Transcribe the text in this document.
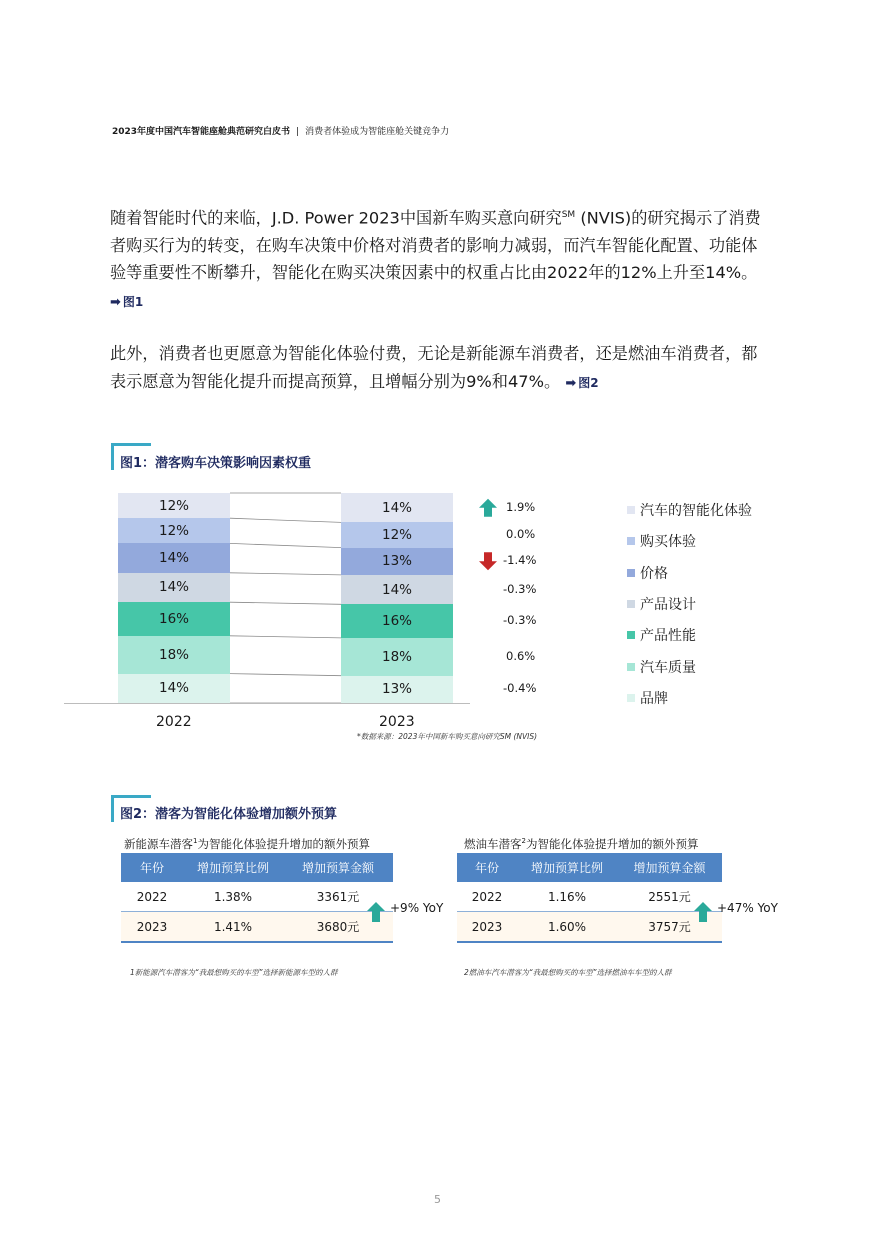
2023年度中国汽车智能座舱典范研究白皮书 | 消费者体验成为智能座舱关键竞争力
随着智能时代的来临，J.D. Power 2023中国新车购买意向研究℠ (NVIS)的研究揭示了消费者购买行为的转变，在购车决策中价格对消费者的影响力减弱，而汽车智能化配置、功能体验等重要性不断攀升，智能化在购买决策因素中的权重占比由2022年的12%上升至14%。 ➡ 图1
此外，消费者也更愿意为智能化体验付费，无论是新能源车消费者，还是燃油车消费者，都表示愿意为智能化提升而提高预算，且增幅分别为9%和47%。 ➡ 图2
图1：潜客购车决策影响因素权重
12%
12%
14%
14%
16%
18%
14%
2022
14%
12%
13%
14%
16%
18%
13%
2023
1.9%
0.0%
-1.4%
-0.3%
-0.3%
0.6%
-0.4%
汽车的智能化体验
购买体验
价格
产品设计
产品性能
汽车质量
品牌
*数据来源：2023年中国新车购买意向研究SM (NVIS)
图2：潜客为智能化体验增加额外预算
新能源车潜客$^1$为智能化体验提升增加的额外预算
年份	增加预算比例	增加预算金额
2022	1.38%	3361元
2023	1.41%	3680元
+9% YoY
1新能源汽车潜客为“我最想购买的车型”选择新能源车型的人群
燃油车潜客$^2$为智能化体验提升增加的额外预算
年份	增加预算比例	增加预算金额
2022	1.16%	2551元
2023	1.60%	3757元
+47% YoY
2燃油车汽车潜客为“我最想购买的车型”选择燃油车车型的人群
5
